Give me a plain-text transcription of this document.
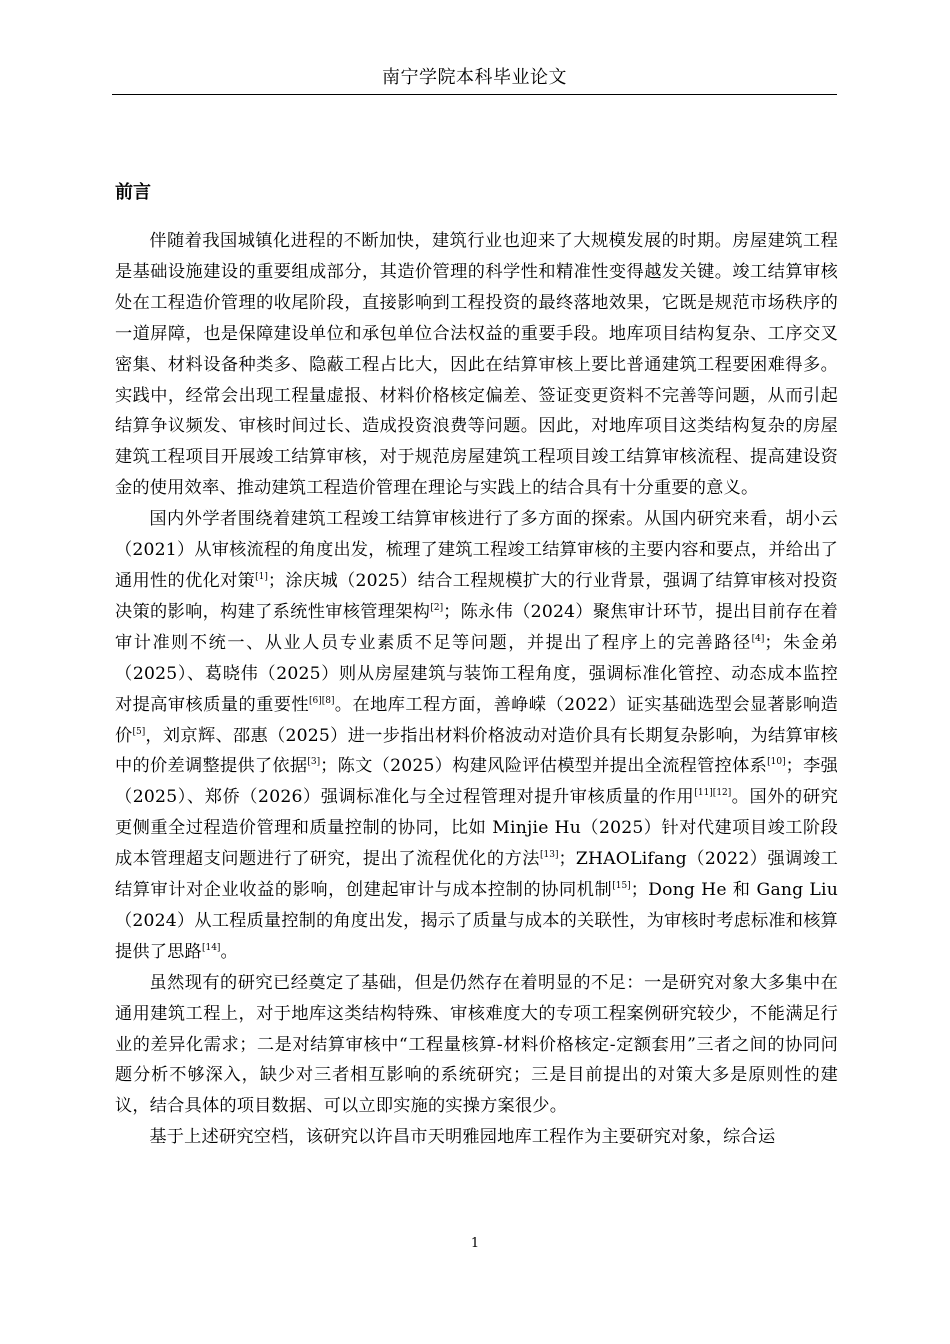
南宁学院本科毕业论文
前言

伴随着我国城镇化进程的不断加快，建筑行业也迎来了大规模发展的时期。房屋建筑工程是基础设施建设的重要组成部分，其造价管理的科学性和精准性变得越发关键。竣工结算审核处在工程造价管理的收尾阶段，直接影响到工程投资的最终落地效果，它既是规范市场秩序的一道屏障，也是保障建设单位和承包单位合法权益的重要手段。地库项目结构复杂、工序交叉密集、材料设备种类多、隐蔽工程占比大，因此在结算审核上要比普通建筑工程要困难得多。实践中，经常会出现工程量虚报、材料价格核定偏差、签证变更资料不完善等问题，从而引起结算争议频发、审核时间过长、造成投资浪费等问题。因此，对地库项目这类结构复杂的房屋建筑工程项目开展竣工结算审核，对于规范房屋建筑工程项目竣工结算审核流程、提高建设资金的使用效率、推动建筑工程造价管理在理论与实践上的结合具有十分重要的意义。

国内外学者围绕着建筑工程竣工结算审核进行了多方面的探索。从国内研究来看，胡小云（2021）从审核流程的角度出发，梳理了建筑工程竣工结算审核的主要内容和要点，并给出了通用性的优化对策[1]；涂庆城（2025）结合工程规模扩大的行业背景，强调了结算审核对投资决策的影响，构建了系统性审核管理架构[2]；陈永伟（2024）聚焦审计环节，提出目前存在着审计准则不统一、从业人员专业素质不足等问题，并提出了程序上的完善路径[4]；朱金弟（2025）、葛晓伟（2025）则从房屋建筑与装饰工程角度，强调标准化管控、动态成本监控对提高审核质量的重要性[6][8]。在地库工程方面，善峥嵘（2022）证实基础选型会显著影响造价[5]，刘京辉、邵惠（2025）进一步指出材料价格波动对造价具有长期复杂影响，为结算审核中的价差调整提供了依据[3]；陈文（2025）构建风险评估模型并提出全流程管控体系[10]；李强（2025）、郑侨（2026）强调标准化与全过程管理对提升审核质量的作用[11][12]。国外的研究更侧重全过程造价管理和质量控制的协同，比如 Minjie Hu（2025）针对代建项目竣工阶段成本管理超支问题进行了研究，提出了流程优化的方法[13]；ZHAOLifang（2022）强调竣工结算审计对企业收益的影响，创建起审计与成本控制的协同机制[15]；Dong He 和 Gang Liu（2024）从工程质量控制的角度出发，揭示了质量与成本的关联性，为审核时考虑标准和核算提供了思路[14]。

虽然现有的研究已经奠定了基础，但是仍然存在着明显的不足：一是研究对象大多集中在通用建筑工程上，对于地库这类结构特殊、审核难度大的专项工程案例研究较少，不能满足行业的差异化需求；二是对结算审核中“工程量核算-材料价格核定-定额套用”三者之间的协同问题分析不够深入，缺少对三者相互影响的系统研究；三是目前提出的对策大多是原则性的建议，结合具体的项目数据、可以立即实施的实操方案很少。

基于上述研究空档，该研究以许昌市天明雅园地库工程作为主要研究对象，综合运

1
